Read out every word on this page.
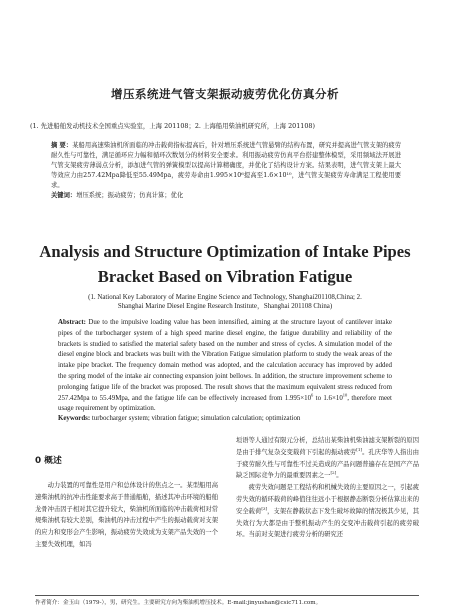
增压系统进气管支架振动疲劳优化仿真分析
(1. 先进船舶发动机技术全国重点实验室，上海 201108；2. 上海船用柴油机研究所，上海 201108)
摘 要：某船用高速柴油机所面临的冲击载荷指标提高后，针对增压系统进气管悬臂的结构布置，研究并提高进气管支架的疲劳耐久性与可靠性，满足循环应力幅和循环次数划分的材料安全要求。利用振动疲劳仿真平台搭建整体模型，采用频域法开展进气管支架疲劳薄弱点分析，添加进气管的弹簧模型以提高计算精确度，并优化了结构设计方案。结果表明，进气管支架上最大等效应力由257.42Mpa降低至55.49Mpa，疲劳寿命由1.995×10⁶提高至1.6×10¹⁰，进气管支架疲劳寿命满足工程使用要求。
关键词：增压系统；振动疲劳；仿真计算；优化
Analysis and Structure Optimization of Intake Pipes
Bracket Based on Vibration Fatigue
(1. National Key Laboratory of Marine Engine Science and Technology, Shanghai201108,China; 2.
Shanghai Marine Diesel Engine Research Institute，Shanghai 201108 China)
Abstract: Due to the impulsive loading value has been intensified, aiming at the structure layout of cantilever intake pipes of the turbocharger system of a high speed marine diesel engine, the fatigue durability and reliability of the brackets is studied to satisfied the material safety based on the number and stress of cycles. A simulation model of the diesel engine block and brackets was built with the Vibration Fatigue simulation platform to study the weak areas of the intake pipe bracket. The frequency domain method was adopted, and the calculation accuracy has improved by added the spring model of the intake air connecting expansion joint bellows. In addition, the structure improvement scheme to prolonging fatigue life of the bracket was proposed. The result shows that the maximum equivalent stress reduced from 257.42Mpa to 55.49Mpa, and the fatigue life can be effectively increased from $1.995\times 10^6$ to $1.6\times 10^{10}$, therefore meet usage requirement by optimization.
Keywords: turbocharger system; vibration fatigue; simulation calculation; optimization
0 概述
　　动力装置的可靠性是用户和总体设计的焦点之一。某型船用高速柴油机的抗冲击性能要求高于普通船舶，描述其冲击环境的船舶龙骨冲击因子相对其它提升较大，柴油机所面临的冲击载荷相对常规柴油机有较大差别，柴油机的冲击过程中产生的振动载荷对支架的应力和变形会产生影响，振动疲劳失效成为支架产品失效的一个主要失效机理，如冯
垣语等人通过有限元分析，总结出某柴油机柴油滤支架断裂的原因是由于排气复杂交变载荷下引起的振动疲劳[1]。孔庆华等人指出由于疲劳耐久性与可靠性不过关造成的产品问题普遍存在是国产产品缺乏国际竞争力的最重要因素之一[2]。
　　疲劳失效问题是工程结构和机械失效的主要原因之一，引起疲劳失效的循环载荷的峰值往往远小于根据静态断裂分析估算出来的安全载荷[3]，支架在静载状态下发生破坏故障的情况极其少见，其失效行为大都是由于整机振动产生的交变冲击载荷引起的疲劳破坏。当前对支架进行疲劳分析的研究还
作者简介：金玉山（1979-），男，研究生。主要研究方向为柴油机增压技术。E-mail:jinyushan@csic711.com。
